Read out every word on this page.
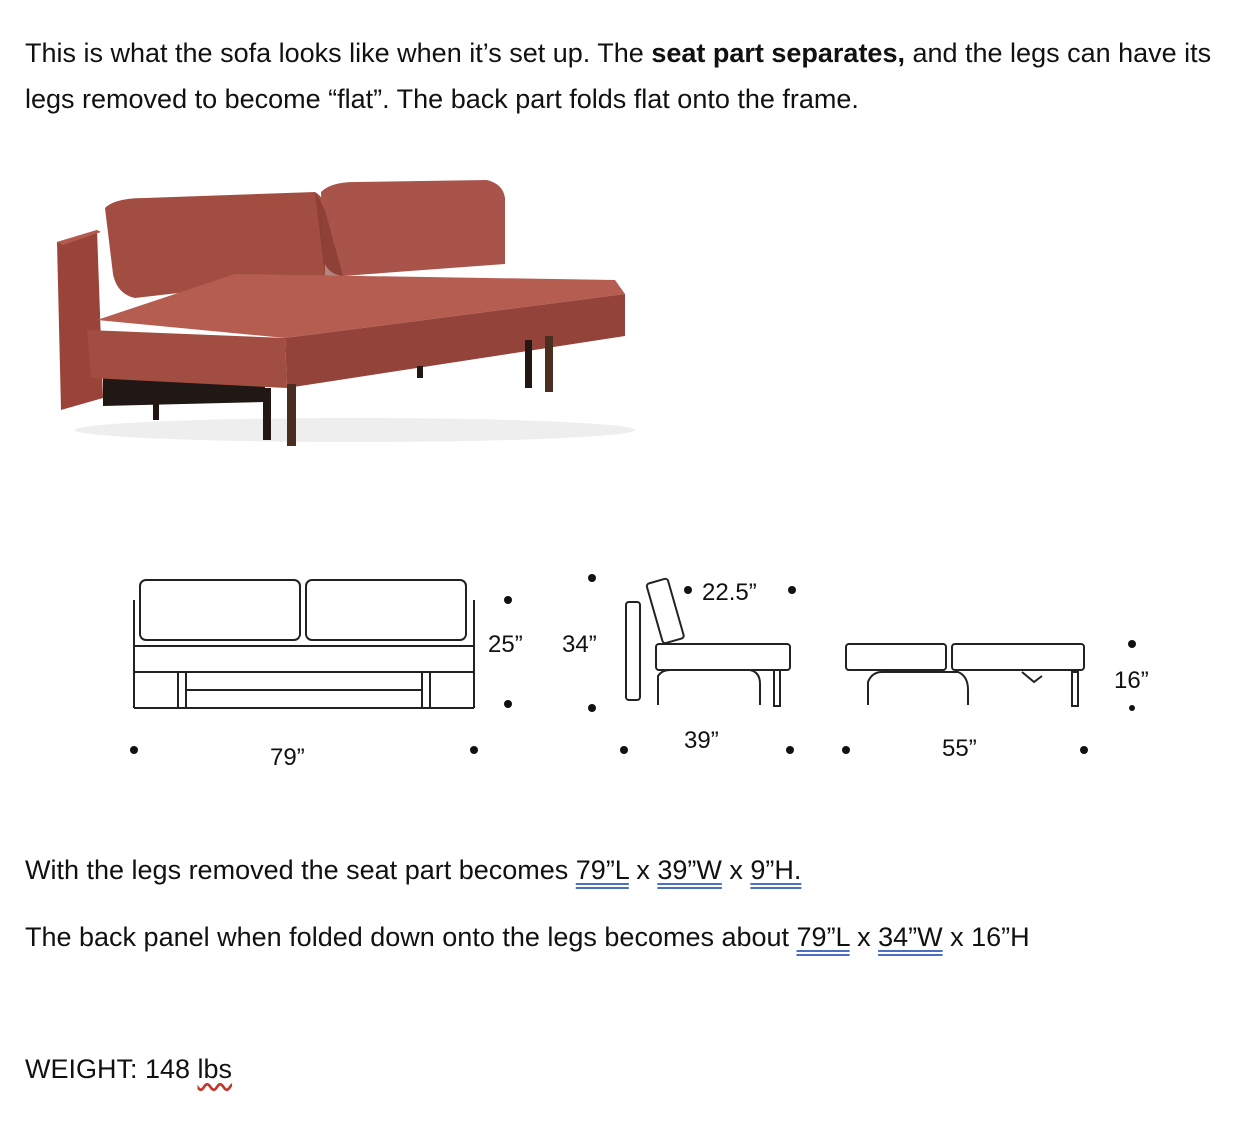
This is what the sofa looks like when it’s set up. The seat part separates, and the legs can have its legs removed to become “flat”. The back part folds flat onto the frame.
79”
25” 34”
22.5”
39”	55”
16”
With the legs removed the seat part becomes 79”L x 39”W x 9”H.
The back panel when folded down onto the legs becomes about 79”L x 34”W x 16”H
WEIGHT: 148 lbs
